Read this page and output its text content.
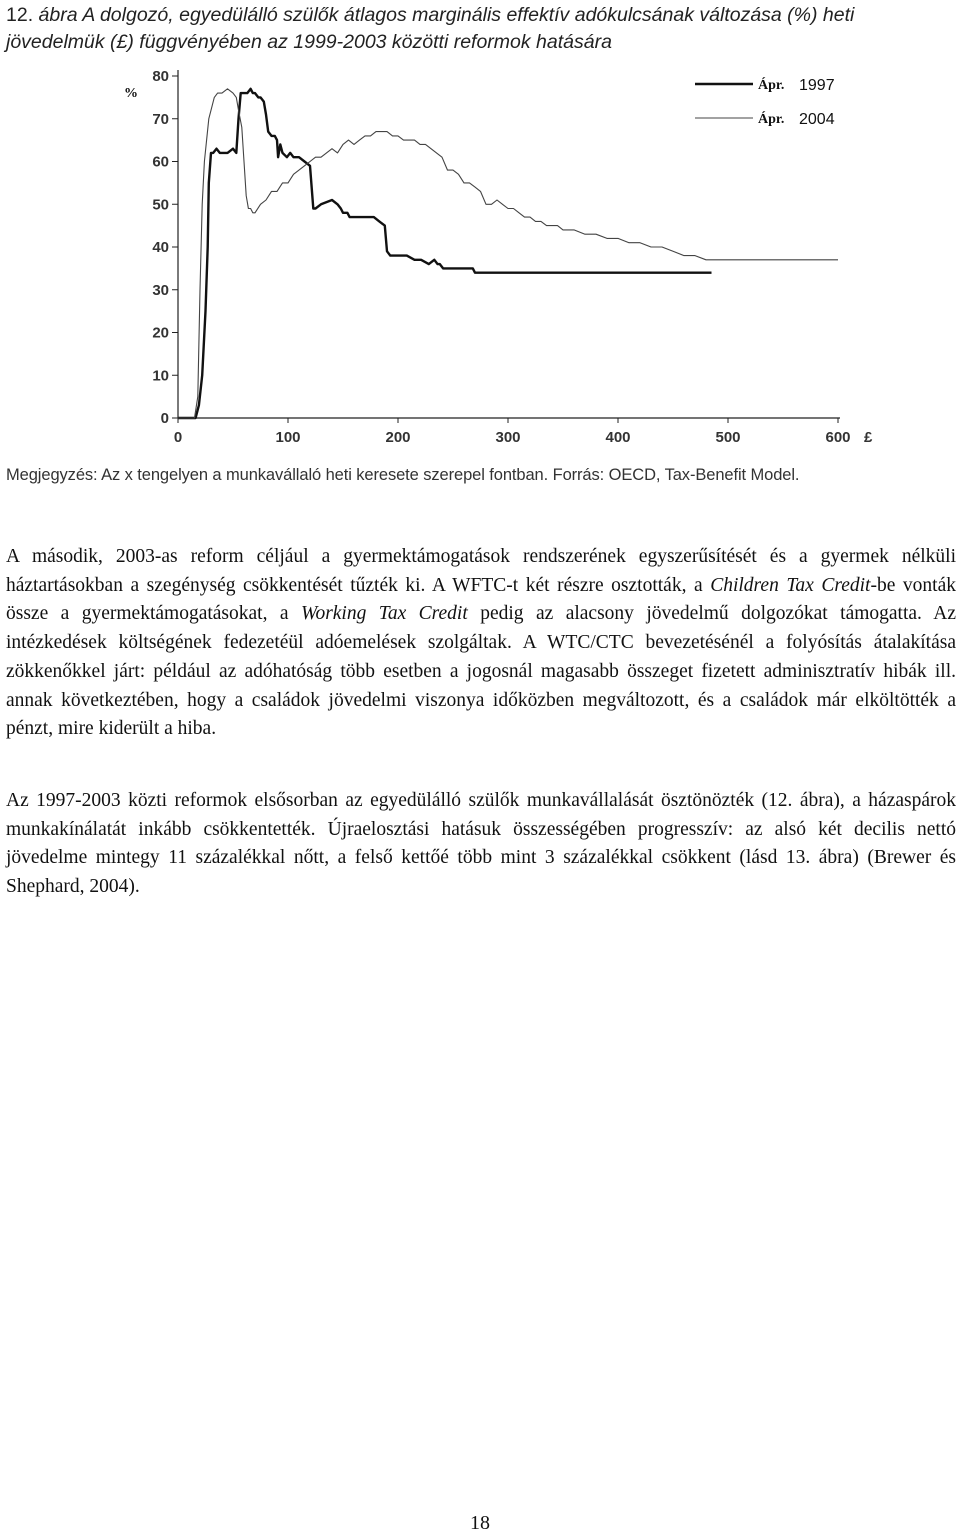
12. ábra A dolgozó, egyedülálló szülők átlagos marginális effektív adókulcsának változása (%) heti jövedelmük (£) függvényében az 1999-2003 közötti reformok hatására
0
10
20
30
40
50
60
70
80
0	100	200	300	400	500	600
%
£
Ápr. 1997
Ápr. 2004
Megjegyzés: Az x tengelyen a munkavállaló heti keresete szerepel fontban. Forrás: OECD, Tax-Benefit Model.
A második, 2003-as reform céljául a gyermektámogatások rendszerének egyszerűsítését és a gyermek nélküli háztartásokban a szegénység csökkentését tűzték ki. A WFTC-t két részre osztották, a Children Tax Credit-be vonták össze a gyermektámogatásokat, a Working Tax Credit pedig az alacsony jövedelmű dolgozókat támogatta. Az intézkedések költségének fedezetéül adóemelések szolgáltak. A WTC/CTC bevezetésénél a folyósítás átalakítása zökkenőkkel járt: például az adóhatóság több esetben a jogosnál magasabb összeget fizetett adminisztratív hibák ill. annak következtében, hogy a családok jövedelmi viszonya időközben megváltozott, és a családok már elköltötték a pénzt, mire kiderült a hiba.
Az 1997-2003 közti reformok elsősorban az egyedülálló szülők munkavállalását ösztönözték (12. ábra), a házaspárok munkakínálatát inkább csökkentették. Újraelosztási hatásuk összességében progresszív: az alsó két decilis nettó jövedelme mintegy 11 százalékkal nőtt, a felső kettőé több mint 3 százalékkal csökkent (lásd 13. ábra) (Brewer és Shephard, 2004).
18
